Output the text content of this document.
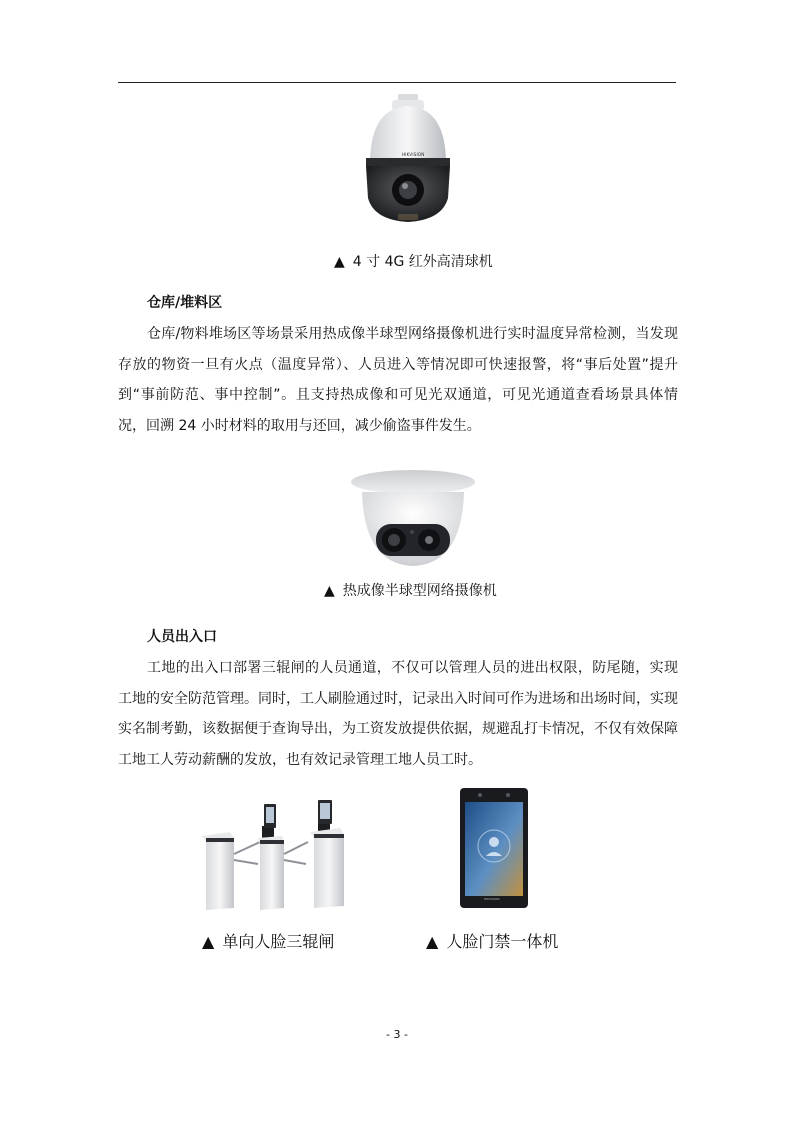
HIKVISION
▲ 4 寸 4G 红外高清球机
仓库/堆料区

仓库/物料堆场区等场景采用热成像半球型网络摄像机进行实时温度异常检测，当发现存放的物资一旦有火点（温度异常）、人员进入等情况即可快速报警，将“事后处置”提升到“事前防范、事中控制”。且支持热成像和可见光双通道，可见光通道查看场景具体情况，回溯 24 小时材料的取用与还回，减少偷盗事件发生。

▲ 热成像半球型网络摄像机
人员出入口

工地的出入口部署三辊闸的人员通道，不仅可以管理人员的进出权限，防尾随，实现工地的安全防范管理。同时，工人刷脸通过时，记录出入时间可作为进场和出场时间，实现实名制考勤，该数据便于查询导出，为工资发放提供依据，规避乱打卡情况，不仅有效保障工地工人劳动薪酬的发放，也有效记录管理工地人员工时。

▲ 单向人脸三辊闸
HIKVISION
▲ 人脸门禁一体机
- 3 -
